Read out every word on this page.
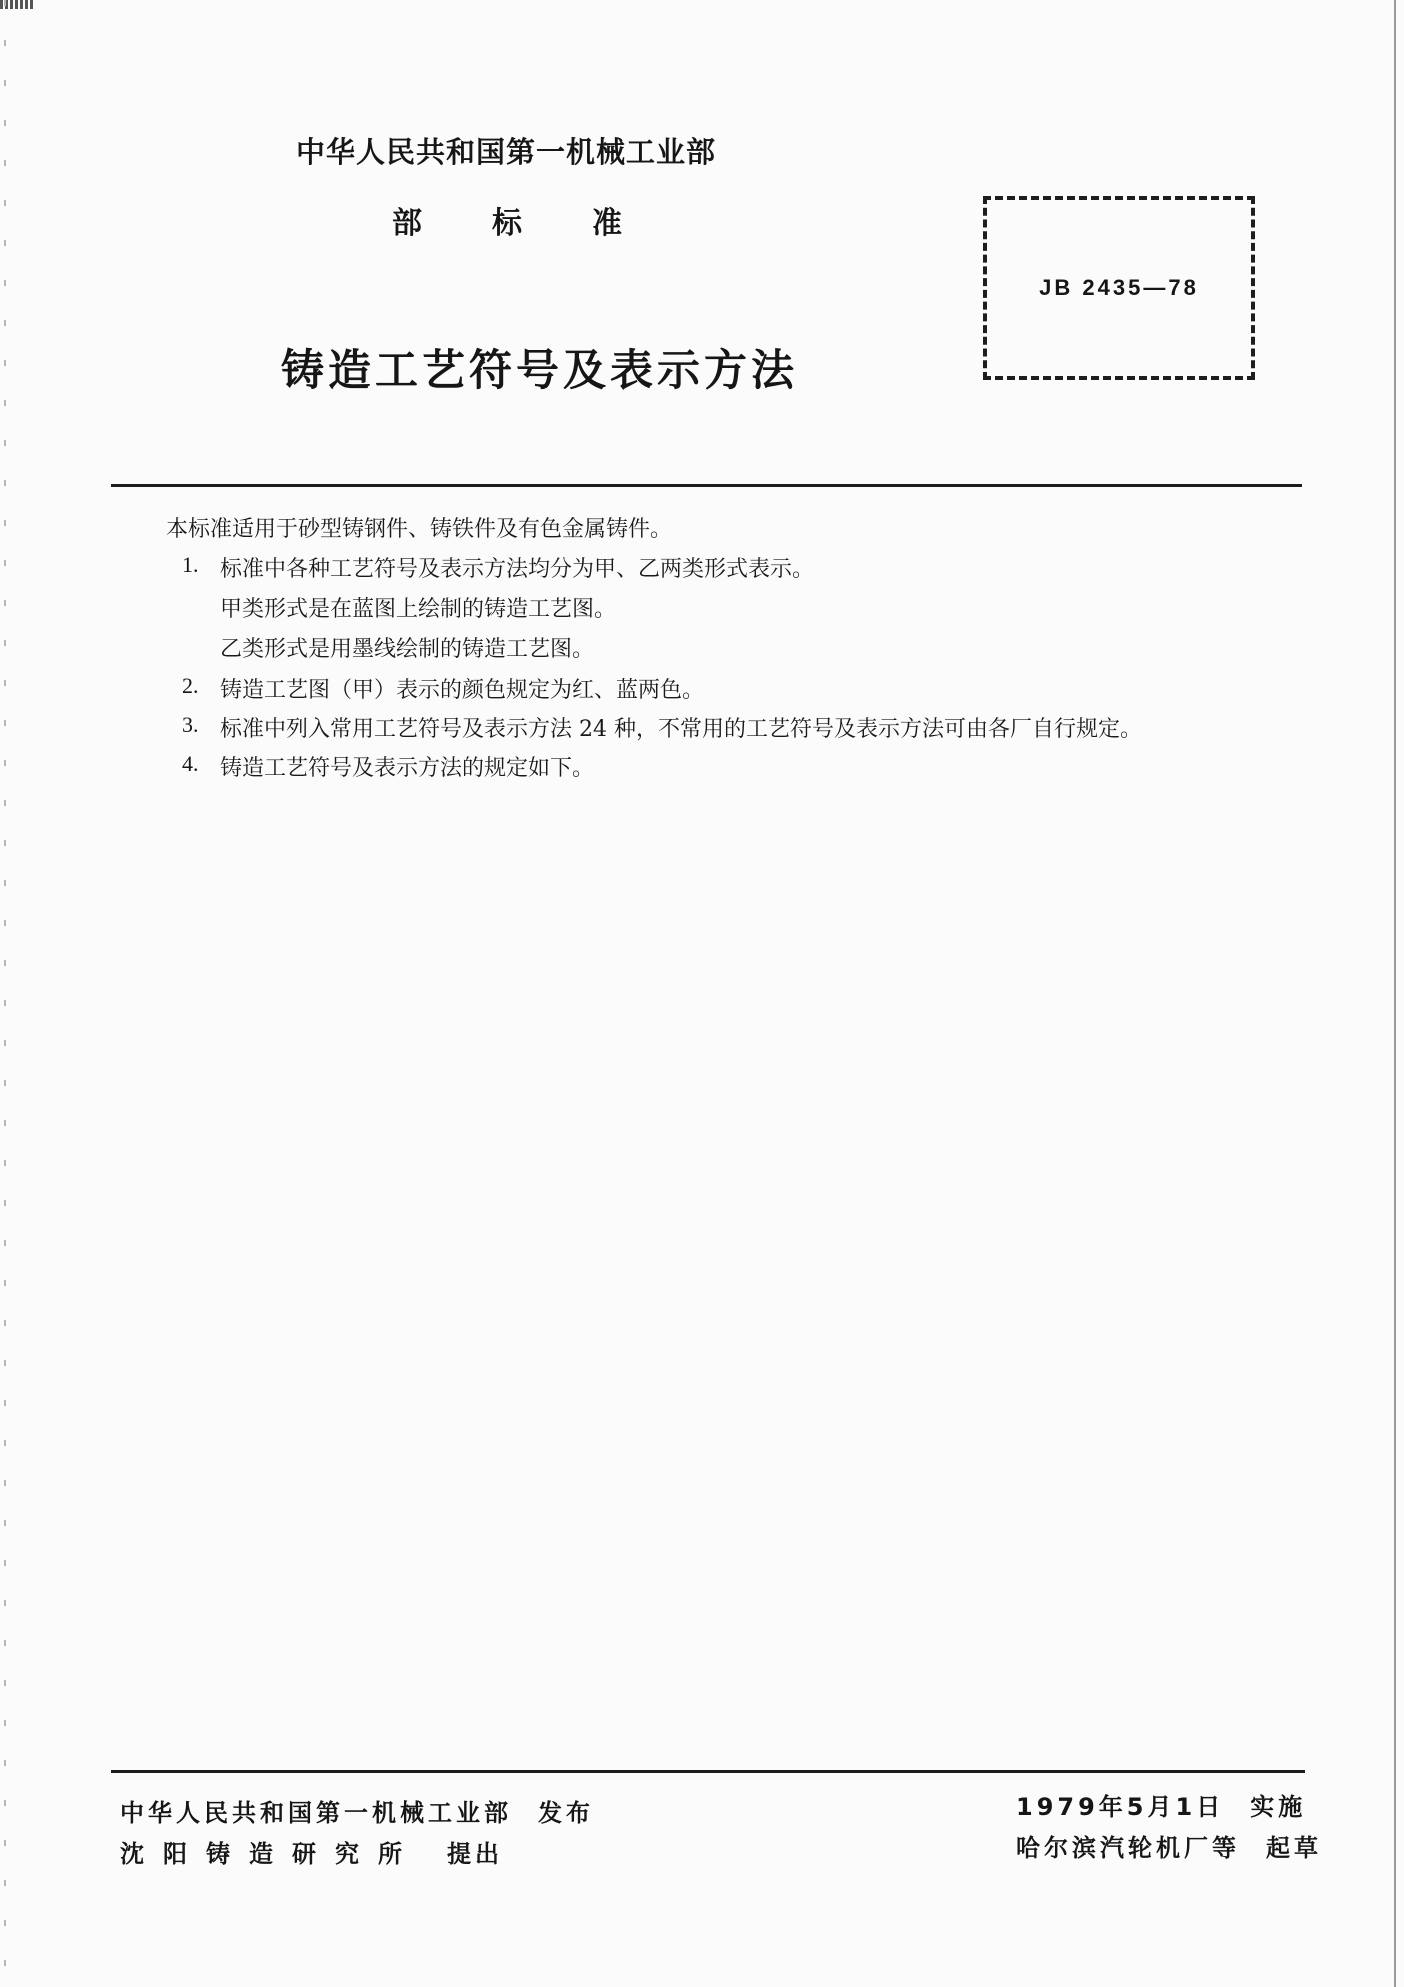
中华人民共和国第一机械工业部
部标准
JB 2435—78
铸造工艺符号及表示方法
本标准适用于砂型铸钢件、铸铁件及有色金属铸件。
1. 标准中各种工艺符号及表示方法均分为甲、乙两类形式表示。
甲类形式是在蓝图上绘制的铸造工艺图。
乙类形式是用墨线绘制的铸造工艺图。
2. 铸造工艺图（甲）表示的颜色规定为红、蓝两色。
3. 标准中列入常用工艺符号及表示方法 24 种，不常用的工艺符号及表示方法可由各厂自行规定。
4. 铸造工艺符号及表示方法的规定如下。
中华人民共和国第一机械工业部 发布
沈阳铸造研究所 提出
1979年5月1日 实施
哈尔滨汽轮机厂等 起草
